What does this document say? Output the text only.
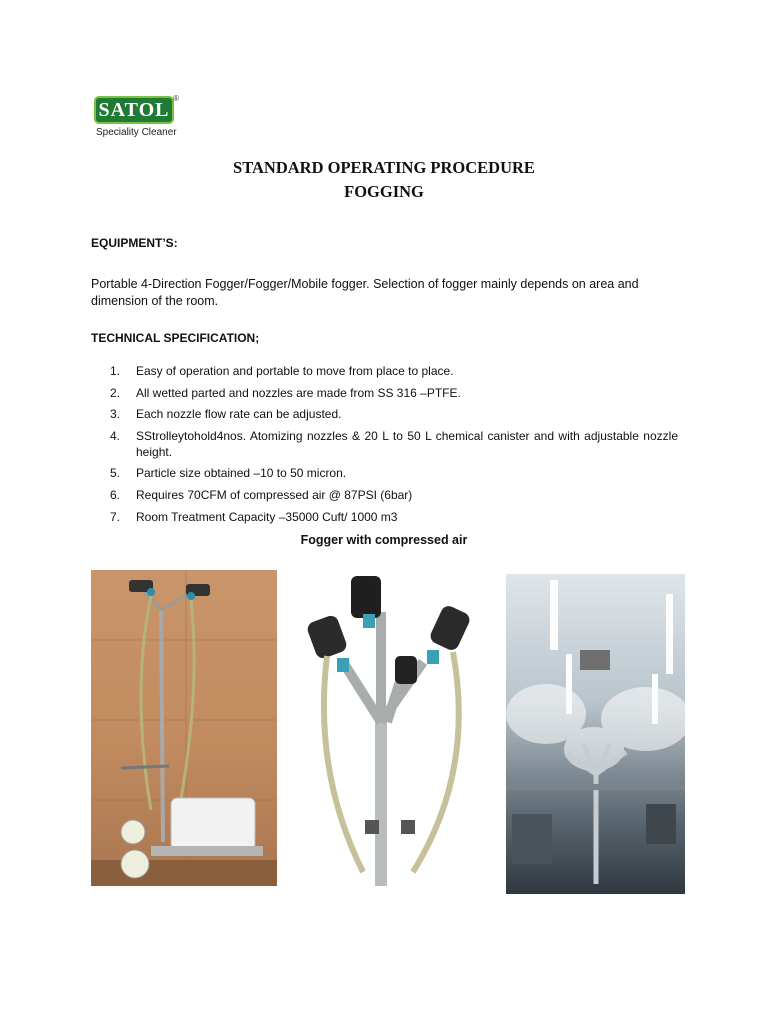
SATOL
®
Speciality Cleaner
STANDARD OPERATING PROCEDURE
FOGGING
EQUIPMENT’S:
Portable 4-Direction Fogger/Fogger/Mobile fogger. Selection of fogger mainly depends on area and dimension of the room.
TECHNICAL SPECIFICATION;
1. Easy of operation and portable to move from place to place.
2. All wetted parted and nozzles are made from SS 316 –PTFE.
3. Each nozzle flow rate can be adjusted.
4. SStrolleytohold4nos. Atomizing nozzles & 20 L to 50 L chemical canister and with adjustable nozzle height.
5. Particle size obtained –10 to 50 micron.
6. Requires 70CFM of compressed air @ 87PSI (6bar)
7. Room Treatment Capacity –35000 Cuft/ 1000 m3
Fogger with compressed air
